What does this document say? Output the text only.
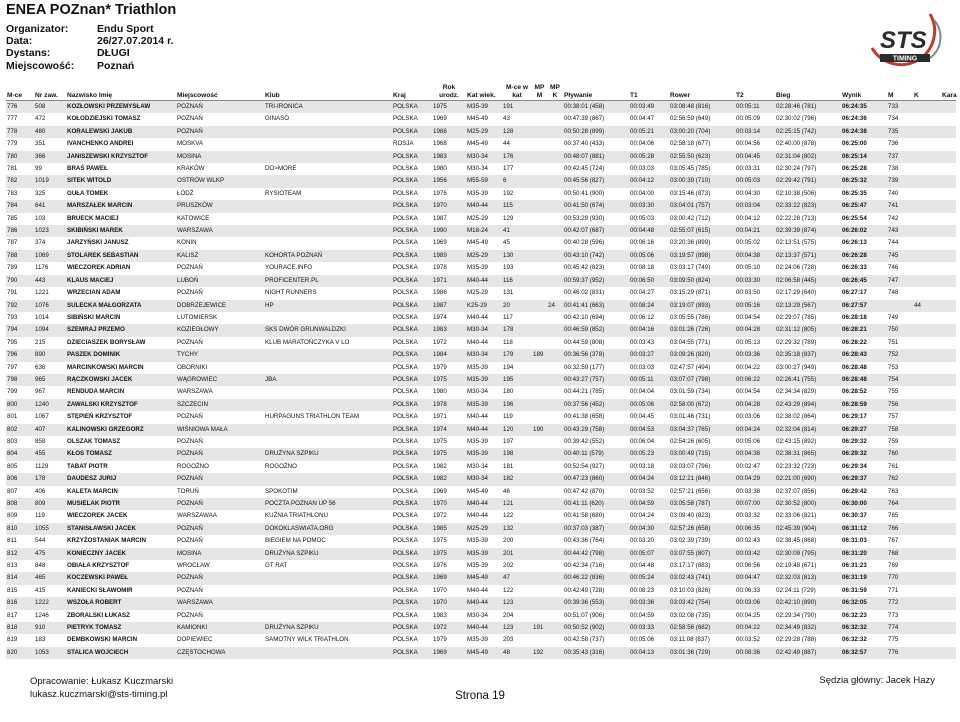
ENEA POZnan* Triathlon
Organizator:	Endu Sport
Data:	26/27.07.2014 r.
Dystans:	DŁUGI
Miejscowość:	Poznań
STS
TIMING
M-ce	Nr zaw.	Nazwisko Imię	Miejscowość	Klub	Kraj	Rok urodz.	Kat wiek.	M-ce w kat	MP M	MP K	Pływanie	T1	Rower	T2	Bieg	Wynik	M	K	Kara
776	508	KOZŁOWSKI PRZEMYSŁAW	POZNAŃ	TRI-IRONICA	POLSKA	1975	M35-39	191			00:38:01 (458)	00:03:49	03:08:48 (816)	00:05:11	02:28:46 (781)	06:24:35	733		
777	472	KOŁODZIEJSKI TOMASZ	POZNAŃ	GINASO	POLSKA	1969	M45-49	43			00:47:39 (867)	00:04:47	02:56:59 (649)	00:05:09	02:30:02 (796)	06:24:36	734		
778	480	KORALEWSKI JAKUB	POZNAŃ		POLSKA	1986	M25-29	128			00:50:28 (899)	00:05:21	03:00:20 (704)	00:03:14	02:25:15 (742)	06:24:38	735		
779	351	IVANCHENKO ANDREI	MOSKVA		ROSJA	1968	M45-49	44			00:37:40 (433)	00:04:06	02:58:18 (677)	00:04:56	02:40:00 (878)	06:25:00	736		
780	366	JANISZEWSKI KRZYSZTOF	MOSINA		POLSKA	1983	M30-34	176			00:48:07 (881)	00:05:28	02:55:50 (623)	00:04:45	02:31:04 (802)	06:25:14	737		
781	99	BRAŚ PAWEŁ	KRAKÓW	DO>MORE	POLSKA	1980	M30-34	177			00:42:45 (724)	00:03:03	03:05:45 (785)	00:03:31	02:30:24 (797)	06:25:28	738		
782	1019	SITEK WITOLD	OSTRÓW WLKP		POLSKA	1956	M55-59	6			00:45:56 (827)	00:04:12	03:00:39 (710)	00:05:03	02:29:42 (791)	06:25:32	739		
783	325	GUŁA TOMEK	ŁÓDŹ	RYSIOTEAM	POLSKA	1976	M35-39	192			00:50:41 (900)	00:04:00	03:15:46 (873)	00:04:30	02:10:38 (506)	06:25:35	740		
784	641	MARSZAŁEK MARCIN	PRUSZKÓW		POLSKA	1970	M40-44	115			00:41:50 (674)	00:03:30	03:04:01 (757)	00:03:04	02:33:22 (823)	06:25:47	741		
785	103	BRUECK MACIEJ	KATOWICE		POLSKA	1987	M25-29	129			00:53:29 (930)	00:05:03	03:00:42 (712)	00:04:12	02:22:28 (713)	06:25:54	742		
786	1023	SKIBIŃSKI MAREK	WARSZAWA		POLSKA	1990	M18-24	41			00:42:07 (687)	00:04:48	02:55:07 (615)	00:04:21	02:39:39 (874)	06:26:02	743		
787	374	JARZYŃSKI JANUSZ	KONIN		POLSKA	1969	M45-49	45			00:40:28 (596)	00:06:16	03:20:36 (899)	00:05:02	02:13:51 (575)	06:26:13	744		
788	1069	STOLAREK SEBASTIAN	KALISZ	KOHORTA POZNAŃ	POLSKA	1989	M25-29	130			00:43:10 (742)	00:05:06	03:19:57 (898)	00:04:38	02:13:37 (571)	06:26:28	745		
789	1176	WIECZOREK ADRIAN	POZNAŃ	YOURACE.INFO	POLSKA	1978	M35-39	193			00:45:42 (823)	00:08:18	03:03:17 (749)	00:05:10	02:24:06 (728)	06:26:33	746		
790	443	KLAUS MACIEJ	LUBOŃ	PROFICENTER.PL	POLSKA	1971	M40-44	116			00:59:37 (952)	00:06:50	03:09:50 (824)	00:03:30	02:06:58 (445)	06:26:45	747		
791	1221	WRZECIAN ADAM	POZNAŃ	NIGHT RUNNERS	POLSKA	1986	M25-29	131			00:46:02 (831)	00:04:27	03:15:29 (871)	00:03:50	02:17:29 (640)	06:27:17	748		
792	1076	SULECKA MAŁGORZATA	DOBRZEJEWICE	HP	POLSKA	1987	K25-29	20		24	00:41:41 (663)	00:08:24	03:19:07 (893)	00:05:16	02:13:29 (567)	06:27:57		44	
793	1014	SIBIŃSKI MARCIN	LUTOMIERSK		POLSKA	1974	M40-44	117			00:42:10 (694)	00:06:12	03:05:55 (786)	00:04:54	02:29:07 (785)	06:28:18	749		
794	1094	SZEMRAJ PRZEMO	KOZIEGŁOWY	SKS DWÓR GRUNWALDZKI	POLSKA	1983	M30-34	178			00:46:59 (852)	00:04:16	03:01:26 (726)	00:04:28	02:31:12 (805)	06:28:21	750		
795	215	DZIECIASZEK BORYSŁAW	POZNAŃ	KLUB MARATOŃCZYKA V LO	POLSKA	1972	M40-44	118			00:44:59 (808)	00:03:43	03:04:55 (771)	00:05:13	02:29:32 (789)	06:28:22	751		
796	890	PASZEK DOMINIK	TYCHY		POLSKA	1984	M30-34	179	189		00:36:56 (378)	00:03:27	03:09:26 (820)	00:03:36	02:35:18 (837)	06:28:43	752		
797	636	MARCINKOWSKI MARCIN	OBORNIKI		POLSKA	1979	M35-39	194			00:32:59 (177)	00:03:03	02:47:57 (494)	00:04:22	03:00:27 (949)	06:28:48	753		
798	965	RĄCZKOWSKI JACEK	WĄGROWIEC	JBA	POLSKA	1975	M35-39	195			00:43:27 (757)	00:05:11	03:07:07 (798)	00:06:22	02:26:41 (755)	06:28:48	754		
799	967	RENDUDA MARCIN	WARSZAWA		POLSKA	1980	M30-34	180			00:44:21 (785)	00:04:04	03:01:59 (734)	00:04:54	02:34:34 (829)	06:28:52	755		
800	1240	ZAWALSKI KRZYSZTOF	SZCZECIN		POLSKA	1978	M35-39	196			00:37:56 (452)	00:05:06	02:58:00 (672)	00:04:28	02:43:29 (894)	06:28:59	756		
801	1067	STĘPIEŃ KRZYSZTOF	POZNAŃ	HURPAGUNS TRIATHLON TEAM	POLSKA	1971	M40-44	119			00:41:38 (658)	00:04:45	03:01:46 (731)	00:03:06	02:38:02 (864)	06:29:17	757		
802	407	KALINOWSKI GRZEGORZ	WIŚNIOWA MAŁA		POLSKA	1974	M40-44	120	190		00:43:29 (758)	00:04:53	03:04:37 (765)	00:04:24	02:32:04 (814)	06:29:27	758		
803	858	OLSZAK TOMASZ	POZNAŃ		POLSKA	1975	M35-39	197			00:39:42 (552)	00:06:04	02:54:26 (605)	00:05:06	02:43:15 (892)	06:29:32	759		
804	455	KŁOS TOMASZ	POZNAŃ	DRUŻYNA SZPIKU	POLSKA	1975	M35-39	198			00:40:11 (579)	00:05:23	03:00:49 (715)	00:04:38	02:38:31 (865)	06:29:32	760		
805	1129	TABAT PIOTR	ROGOŹNO	ROGOŹNO	POLSKA	1982	M30-34	181			00:52:54 (927)	00:03:18	03:03:07 (796)	00:02:47	02:23:32 (723)	06:29:34	761		
806	178	DAUDESZ JURIJ	POZNAŃ		POLSKA	1982	M30-34	182			00:47:23 (860)	00:04:24	03:12:21 (846)	00:04:29	02:21:00 (690)	06:29:37	762		
807	406	KALETA MARCIN	TORUŃ	SPOKOTIM	POLSKA	1969	M45-49	46			00:47:42 (870)	00:03:52	02:57:21 (656)	00:03:38	02:37:07 (856)	06:29:42	763		
808	809	MUSIELAK PIOTR	POZNAŃ	POCZTA POZNAN UP 56	POLSKA	1970	M40-44	121			00:41:11 (620)	00:04:59	03:05:58 (787)	00:07:00	02:30:52 (800)	06:30:00	764		
809	119	WIECZOREK JACEK	WARSZAWAA	KUŹNIA TRIATHLONU	POLSKA	1972	M40-44	122			00:41:58 (680)	00:04:24	03:09:40 (823)	00:03:32	02:33:06 (821)	06:30:37	765		
810	1055	STANISŁAWSKI JACEK	POZNAŃ	DOKOKLASWIATA.ORG	POLSKA	1985	M25-29	132			00:37:03 (387)	00:04:30	02:57:26 (658)	00:06:35	02:45:39 (904)	06:31:12	766		
811	544	KRZYŻOSTANIAK MARCIN	POZNAŃ	BIEGIEM NA POMOC	POLSKA	1975	M35-39	200			00:43:36 (764)	00:03:20	03:02:39 (739)	00:02:43	02:38:45 (868)	06:31:03	767		
812	475	KONIECZNY JACEK	MOSINA	DRUŻYNA SZPIKU	POLSKA	1975	M35-39	201			00:44:42 (798)	00:05:07	03:07:55 (807)	00:03:42	02:30:09 (795)	06:31:20	768		
813	848	OBIAŁA KRZYSZTOF	WROCŁAW	GT RAT	POLSKA	1976	M35-39	202			00:42:34 (716)	00:04:48	03:17:17 (883)	00:06:56	02:19:48 (671)	06:31:23	769		
814	465	KOCZEWSKI PAWEŁ	POZNAŃ		POLSKA	1969	M45-49	47			00:46:22 (836)	00:05:24	03:02:43 (741)	00:04:47	02:32:03 (813)	06:31:19	770		
815	415	KANIECKI SŁAWOMIR	POZNAŃ		POLSKA	1970	M40-44	122			00:42:49 (728)	00:08:23	03:10:03 (826)	00:06:33	02:24:11 (729)	06:31:59	771		
816	1222	WSZOŁA ROBERT	WARSZAWA		POLSKA	1970	M40-44	123			00:39:36 (553)	00:03:36	03:03:42 (754)	00:03:06	02:42:10 (890)	06:32:05	772		
817	1246	ZBORALSKI ŁUKASZ	POZNAŃ		POLSKA	1983	M30-34	204			00:51:07 (906)	00:04:59	03:02:08 (735)	00:04:25	02:29:34 (790)	06:32:23	773		
818	910	PIETRYK TOMASZ	KAMIONKI	DRUŻYNA SZPIKU	POLSKA	1972	M40-44	123	191		00:50:52 (902)	00:03:33	02:58:56 (682)	00:04:22	02:34:49 (832)	06:32:32	774		
819	183	DEMBKOWSKI MARCIN	DOPIEWIEC	SAMOTNY WILK TRIATHLON	POLSKA	1979	M35-39	203			00:42:58 (737)	00:05:06	03:11:08 (837)	00:03:52	02:29:28 (788)	06:32:32	775		
820	1053	STALICA WOJCIECH	CZĘSTOCHOWA		POLSKA	1969	M45-49	48	192		00:35:43 (316)	00:04:13	03:01:36 (729)	00:08:36	02:42:49 (887)	06:32:57	776		
Opracowanie: Łukasz Kuczmarski
lukasz.kuczmarski@sts-timing.pl	Strona 19
Sędzia główny: Jacek Hazy
